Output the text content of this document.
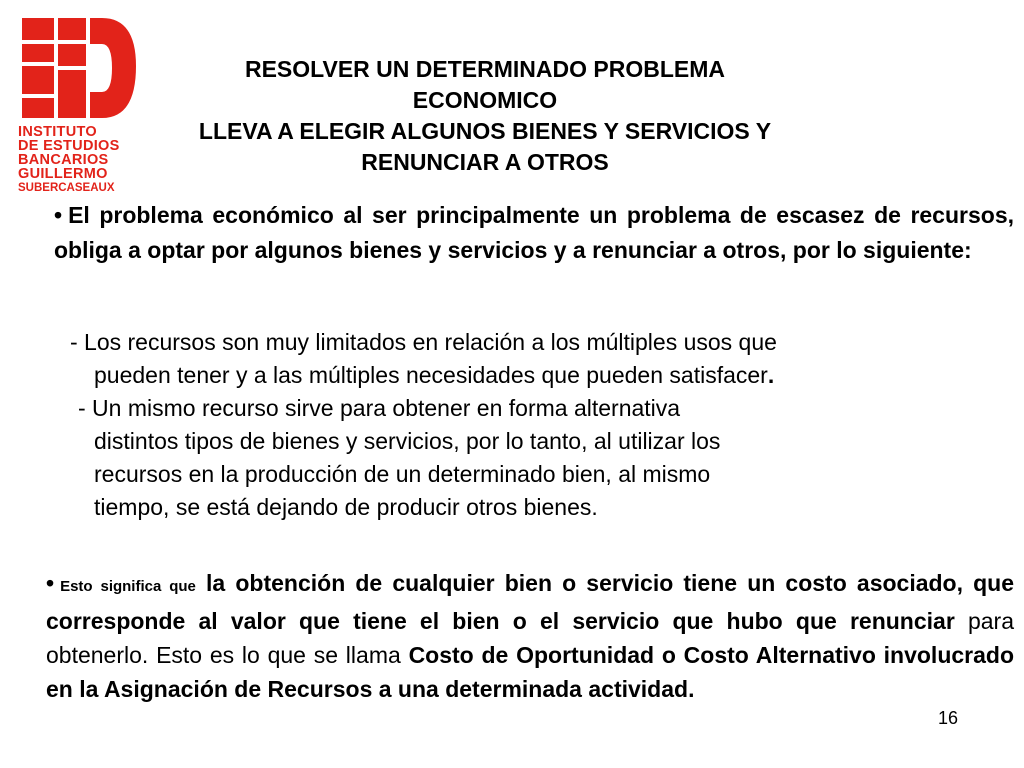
INSTITUTO
DE ESTUDIOS
BANCARIOS
GUILLERMO
SUBERCASEAUX
RESOLVER UN DETERMINADO PROBLEMA ECONOMICO
LLEVA A ELEGIR ALGUNOS BIENES Y SERVICIOS Y
RENUNCIAR A OTROS
• El problema económico al ser principalmente un problema de escasez de recursos, obliga a optar por algunos bienes y servicios y a renunciar a otros, por lo siguiente:
- Los recursos son muy limitados en relación a los múltiples usos que
pueden tener y a las múltiples necesidades que pueden satisfacer.
- Un mismo recurso sirve para obtener en forma alternativa
distintos tipos de bienes y servicios, por lo tanto, al utilizar los
recursos en la producción de un determinado bien, al mismo
tiempo, se está dejando de producir otros bienes.
• Esto significa que la obtención de cualquier bien o servicio tiene un costo asociado, que corresponde al valor que tiene el bien o el servicio que hubo que renunciar para obtenerlo. Esto es lo que se llama Costo de Oportunidad o Costo Alternativo involucrado en la Asignación de Recursos a una determinada actividad.
16
